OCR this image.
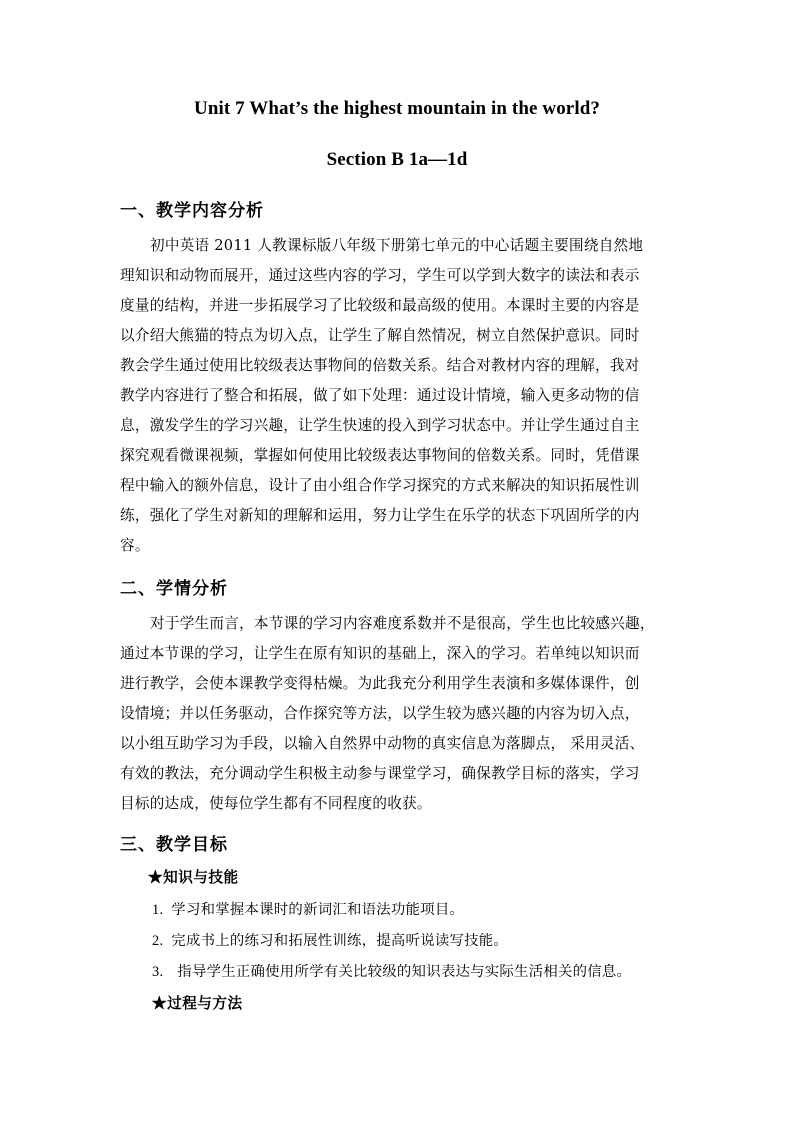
Unit 7 What’s the highest mountain in the world?
Section B 1a—1d
一、教学内容分析
初中英语 2011 人教课标版八年级下册第七单元的中心话题主要围绕自然地
理知识和动物而展开，通过这些内容的学习，学生可以学到大数字的读法和表示
度量的结构，并进一步拓展学习了比较级和最高级的使用。本课时主要的内容是
以介绍大熊猫的特点为切入点，让学生了解自然情况，树立自然保护意识。同时
教会学生通过使用比较级表达事物间的倍数关系。结合对教材内容的理解，我对
教学内容进行了整合和拓展，做了如下处理：通过设计情境，输入更多动物的信
息，激发学生的学习兴趣，让学生快速的投入到学习状态中。并让学生通过自主
探究观看微课视频，掌握如何使用比较级表达事物间的倍数关系。同时，凭借课
程中输入的额外信息，设计了由小组合作学习探究的方式来解决的知识拓展性训
练，强化了学生对新知的理解和运用，努力让学生在乐学的状态下巩固所学的内
容。
二、学情分析
对于学生而言，本节课的学习内容难度系数并不是很高，学生也比较感兴趣，
通过本节课的学习，让学生在原有知识的基础上，深入的学习。若单纯以知识而
进行教学，会使本课教学变得枯燥。为此我充分利用学生表演和多媒体课件，创
设情境；并以任务驱动，合作探究等方法，以学生较为感兴趣的内容为切入点，
以小组互助学习为手段，以输入自然界中动物的真实信息为落脚点， 采用灵活、
有效的教法，充分调动学生积极主动参与课堂学习，确保教学目标的落实，学习
目标的达成，使每位学生都有不同程度的收获。
三、教学目标
★知识与技能
1. 学习和掌握本课时的新词汇和语法功能项目。
2. 完成书上的练习和拓展性训练，提高听说读写技能。
3. 指导学生正确使用所学有关比较级的知识表达与实际生活相关的信息。
★过程与方法
